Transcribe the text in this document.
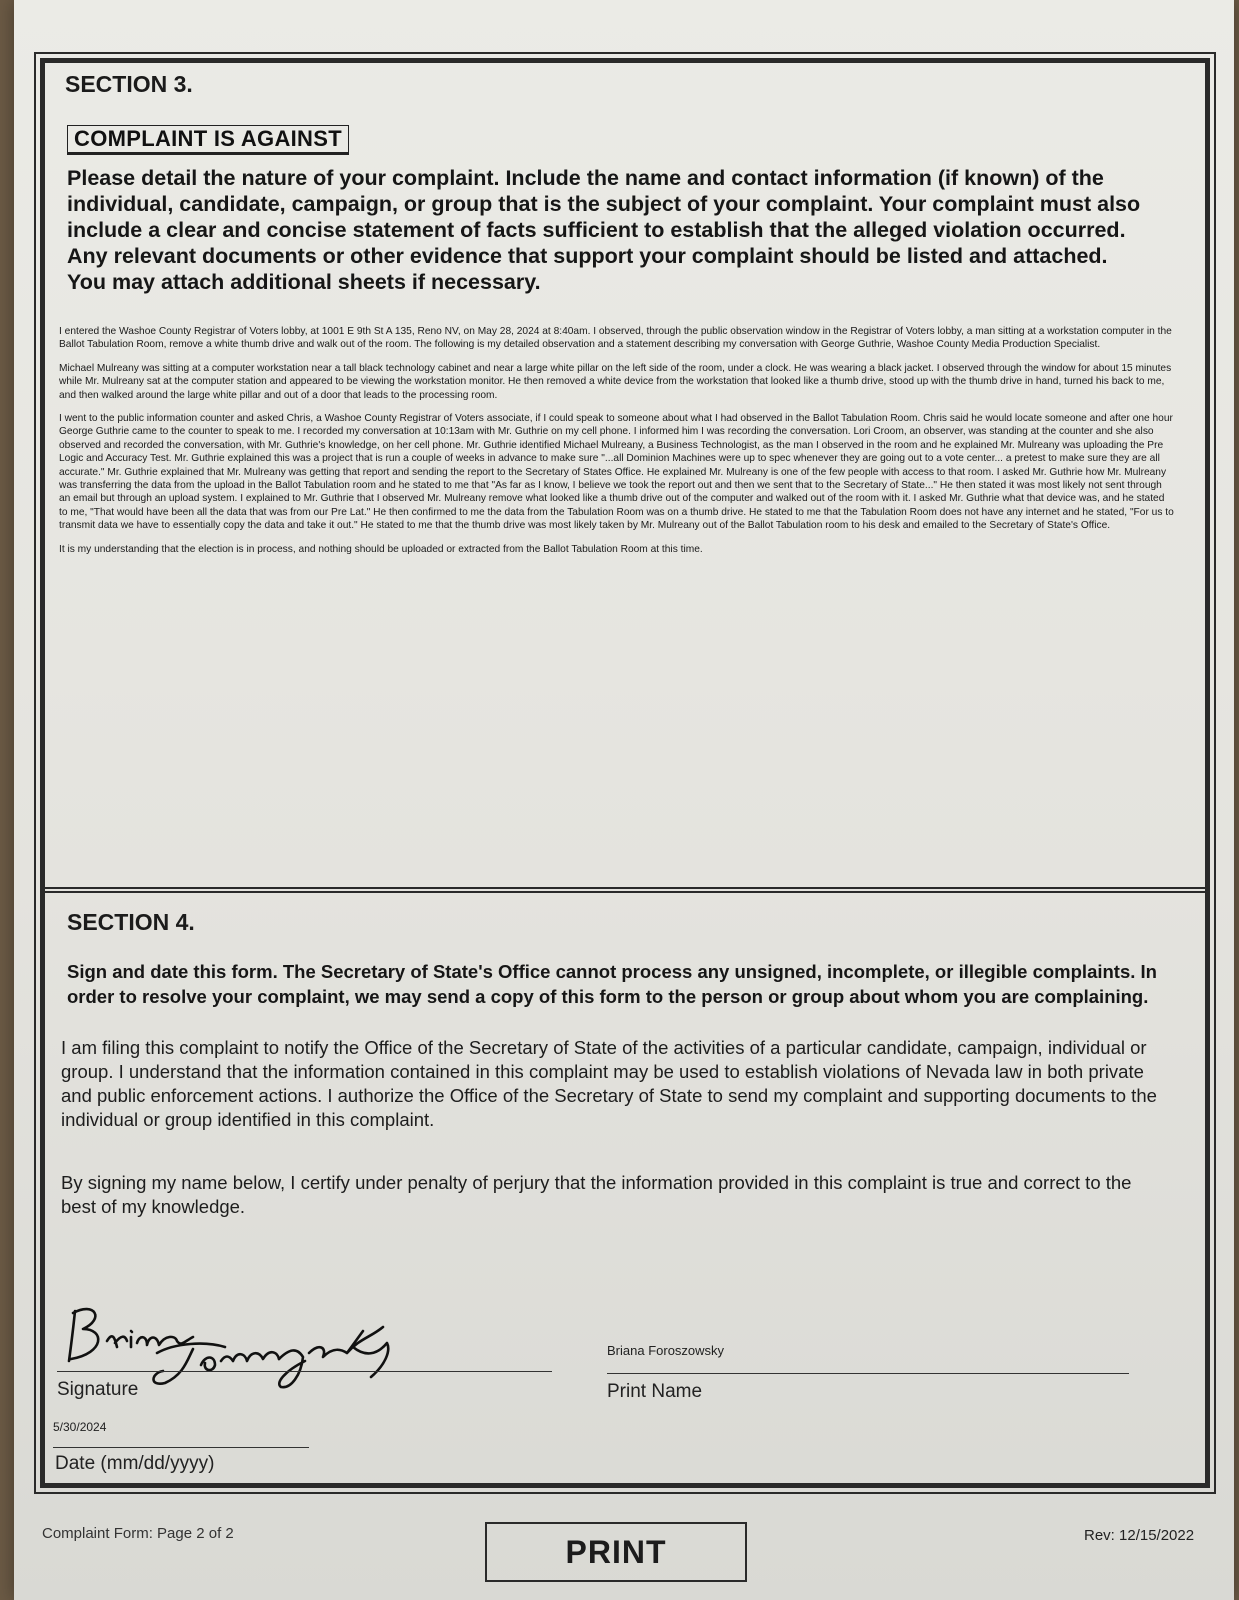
SECTION 3.
COMPLAINT IS AGAINST

Please detail the nature of your complaint. Include the name and contact information (if known) of the individual, candidate, campaign, or group that is the subject of your complaint. Your complaint must also include a clear and concise statement of facts sufficient to establish that the alleged violation occurred. Any relevant documents or other evidence that support your complaint should be listed and attached. You may attach additional sheets if necessary.

I entered the Washoe County Registrar of Voters lobby, at 1001 E 9th St A 135, Reno NV, on May 28, 2024 at 8:40am. I observed, through the public observation window in the Registrar of Voters lobby, a man sitting at a workstation computer in the Ballot Tabulation Room, remove a white thumb drive and walk out of the room. The following is my detailed observation and a statement describing my conversation with George Guthrie, Washoe County Media Production Specialist.

Michael Mulreany was sitting at a computer workstation near a tall black technology cabinet and near a large white pillar on the left side of the room, under a clock. He was wearing a black jacket. I observed through the window for about 15 minutes while Mr. Mulreany sat at the computer station and appeared to be viewing the workstation monitor. He then removed a white device from the workstation that looked like a thumb drive, stood up with the thumb drive in hand, turned his back to me, and then walked around the large white pillar and out of a door that leads to the processing room.

I went to the public information counter and asked Chris, a Washoe County Registrar of Voters associate, if I could speak to someone about what I had observed in the Ballot Tabulation Room. Chris said he would locate someone and after one hour George Guthrie came to the counter to speak to me. I recorded my conversation at 10:13am with Mr. Guthrie on my cell phone. I informed him I was recording the conversation. Lori Croom, an observer, was standing at the counter and she also observed and recorded the conversation, with Mr. Guthrie's knowledge, on her cell phone. Mr. Guthrie identified Michael Mulreany, a Business Technologist, as the man I observed in the room and he explained Mr. Mulreany was uploading the Pre Logic and Accuracy Test. Mr. Guthrie explained this was a project that is run a couple of weeks in advance to make sure "...all Dominion Machines were up to spec whenever they are going out to a vote center... a pretest to make sure they are all accurate." Mr. Guthrie explained that Mr. Mulreany was getting that report and sending the report to the Secretary of States Office. He explained Mr. Mulreany is one of the few people with access to that room. I asked Mr. Guthrie how Mr. Mulreany was transferring the data from the upload in the Ballot Tabulation room and he stated to me that "As far as I know, I believe we took the report out and then we sent that to the Secretary of State..." He then stated it was most likely not sent through an email but through an upload system. I explained to Mr. Guthrie that I observed Mr. Mulreany remove what looked like a thumb drive out of the computer and walked out of the room with it. I asked Mr. Guthrie what that device was, and he stated to me, "That would have been all the data that was from our Pre Lat." He then confirmed to me the data from the Tabulation Room was on a thumb drive. He stated to me that the Tabulation Room does not have any internet and he stated, "For us to transmit data we have to essentially copy the data and take it out." He stated to me that the thumb drive was most likely taken by Mr. Mulreany out of the Ballot Tabulation room to his desk and emailed to the Secretary of State's Office.

It is my understanding that the election is in process, and nothing should be uploaded or extracted from the Ballot Tabulation Room at this time.

SECTION 4.

Sign and date this form. The Secretary of State's Office cannot process any unsigned, incomplete, or illegible complaints. In order to resolve your complaint, we may send a copy of this form to the person or group about whom you are complaining.

I am filing this complaint to notify the Office of the Secretary of State of the activities of a particular candidate, campaign, individual or group. I understand that the information contained in this complaint may be used to establish violations of Nevada law in both private and public enforcement actions. I authorize the Office of the Secretary of State to send my complaint and supporting documents to the individual or group identified in this complaint.

By signing my name below, I certify under penalty of perjury that the information provided in this complaint is true and correct to the best of my knowledge.

Signature
Briana Foroszowsky
Print Name
5/30/2024
Date (mm/dd/yyyy)
Complaint Form: Page 2 of 2	PRINT	Rev: 12/15/2022
